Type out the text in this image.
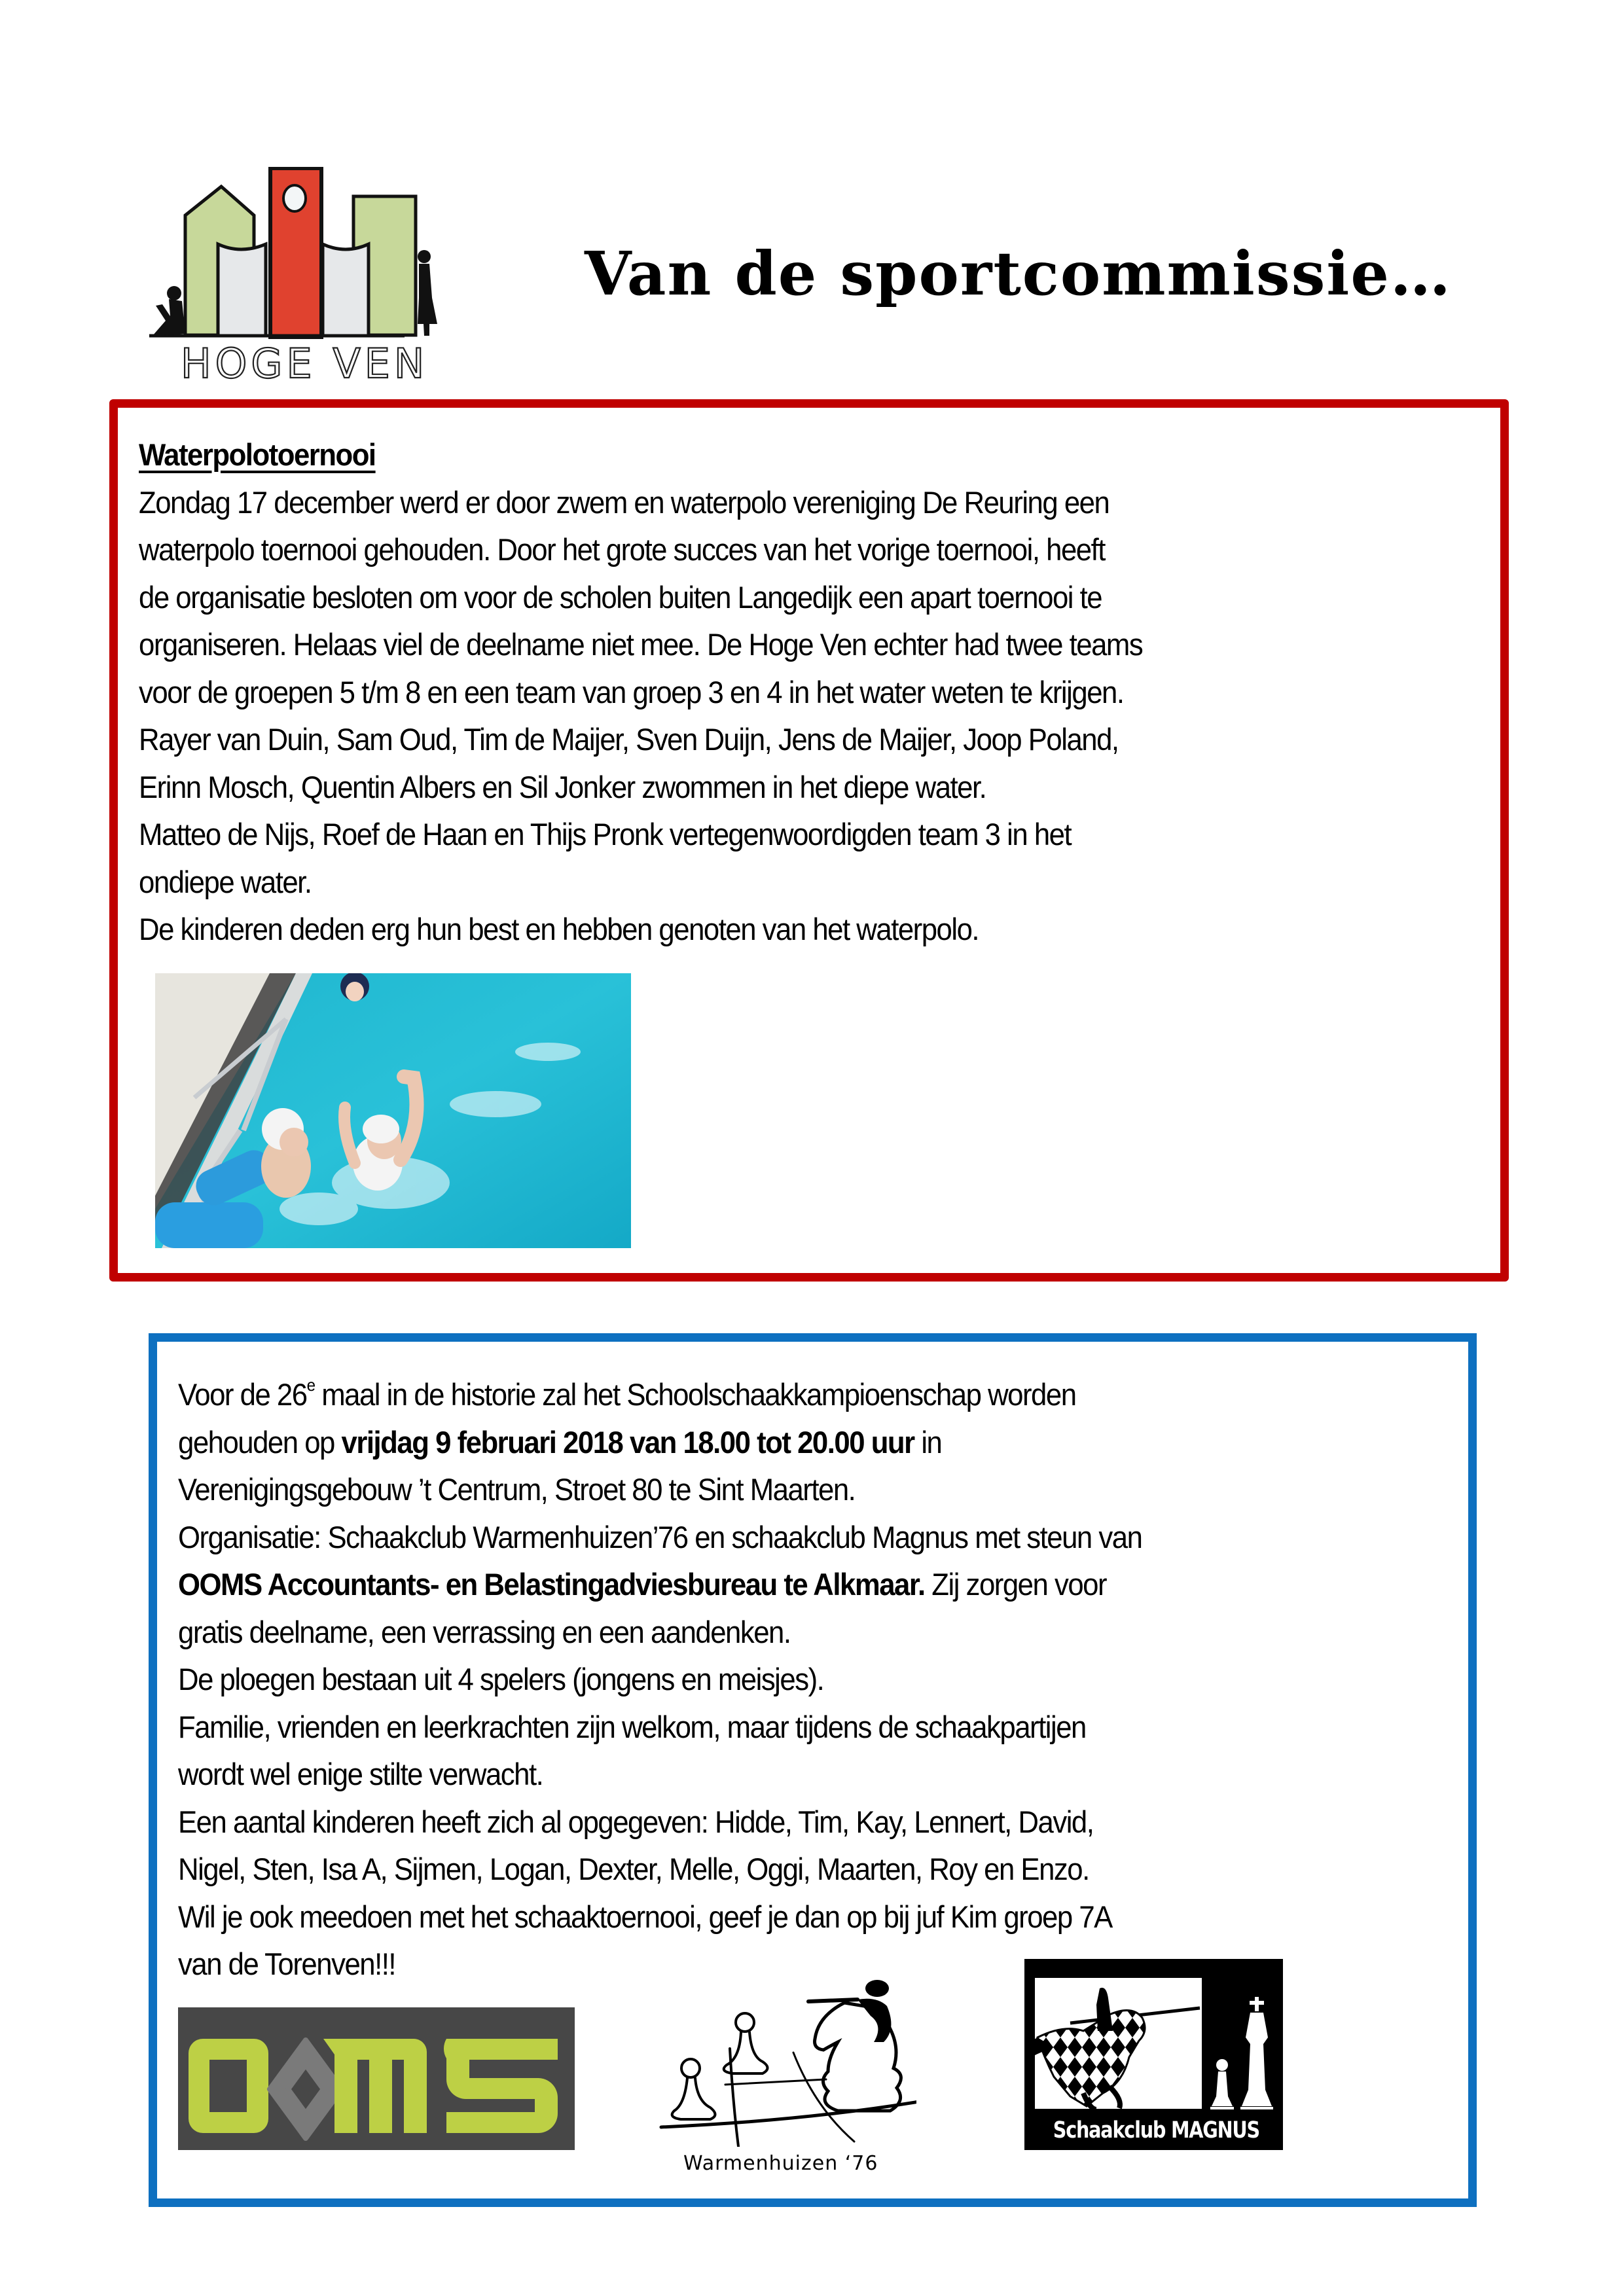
HOGE VEN
Van de sportcommissie…
Waterpolotoernooi
Zondag 17 december werd er door zwem en waterpolo vereniging De Reuring een
waterpolo toernooi gehouden. Door het grote succes van het vorige toernooi, heeft
de organisatie besloten om voor de scholen buiten Langedijk een apart toernooi te
organiseren. Helaas viel de deelname niet mee. De Hoge Ven echter had twee teams
voor de groepen 5 t/m 8 en een team van groep 3 en 4 in het water weten te krijgen.
Rayer van Duin, Sam Oud, Tim de Maijer, Sven Duijn, Jens de Maijer, Joop Poland,
Erinn Mosch, Quentin Albers en Sil Jonker zwommen in het diepe water.
Matteo de Nijs, Roef de Haan en Thijs Pronk vertegenwoordigden team 3 in het
ondiepe water.
De kinderen deden erg hun best en hebben genoten van het waterpolo.
Voor de 26e maal in de historie zal het Schoolschaakkampioenschap worden
gehouden op vrijdag 9 februari 2018 van 18.00 tot 20.00 uur in
Verenigingsgebouw ’t Centrum, Stroet 80 te Sint Maarten.
Organisatie: Schaakclub Warmenhuizen’76 en schaakclub Magnus met steun van
OOMS Accountants- en Belastingadviesbureau te Alkmaar. Zij zorgen voor
gratis deelname, een verrassing en een aandenken.
De ploegen bestaan uit 4 spelers (jongens en meisjes).
Familie, vrienden en leerkrachten zijn welkom, maar tijdens de schaakpartijen
wordt wel enige stilte verwacht.
Een aantal kinderen heeft zich al opgegeven: Hidde, Tim, Kay, Lennert, David,
Nigel, Sten, Isa A, Sijmen, Logan, Dexter, Melle, Oggi, Maarten, Roy en Enzo.
Wil je ook meedoen met het schaaktoernooi, geef je dan op bij juf Kim groep 7A
van de Torenven!!!
Warmenhuizen ‘76
Schaakclub MAGNUS
